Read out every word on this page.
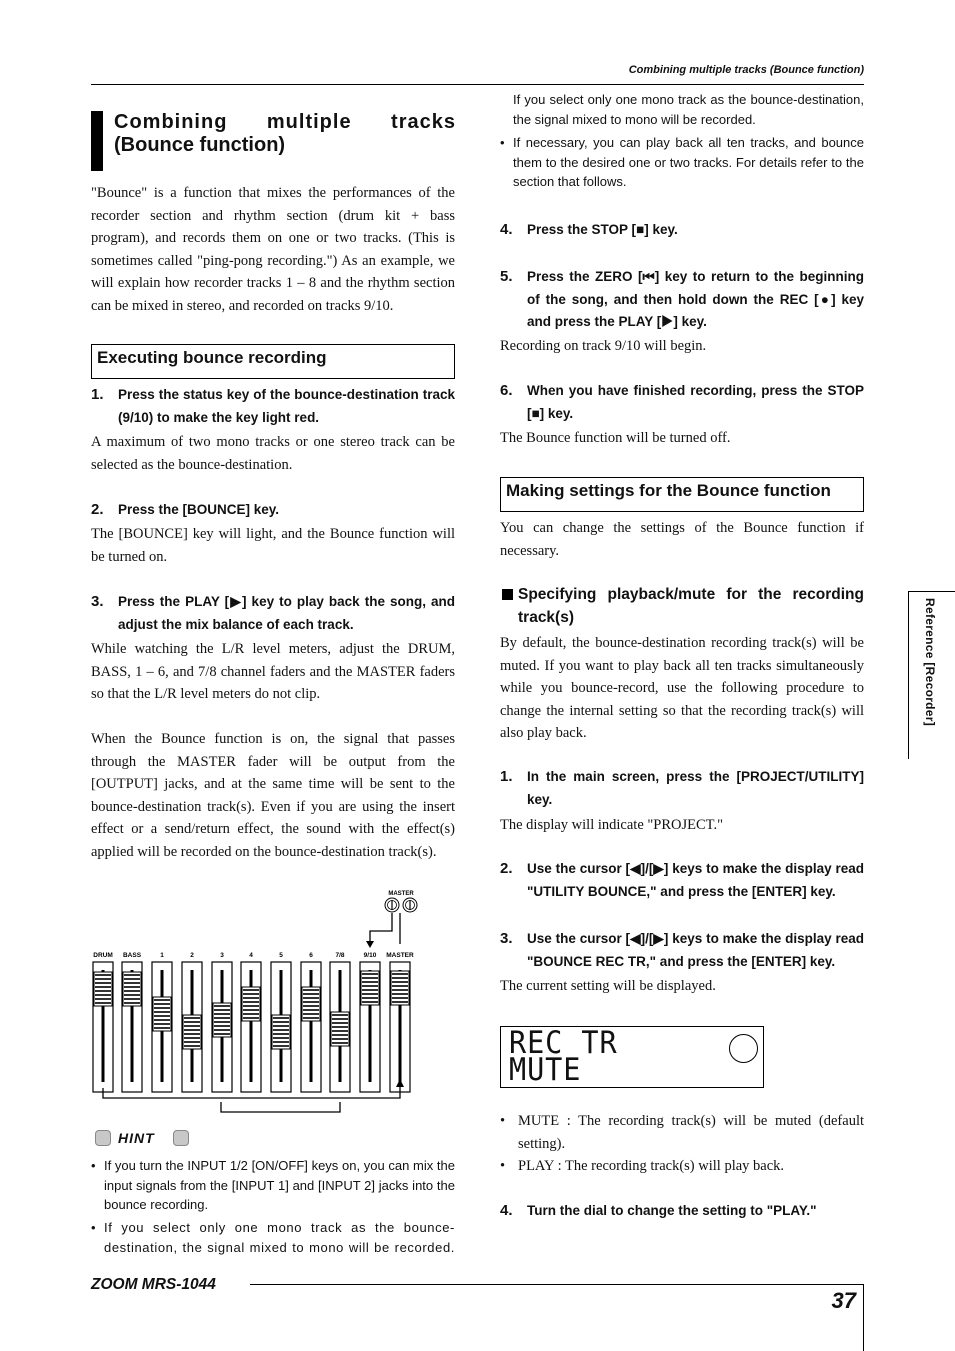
Combining multiple tracks (Bounce function)
Combining multiple tracks
(Bounce function)
"Bounce" is a function that mixes the performances of the recorder section and rhythm section (drum kit + bass program), and records them on one or two tracks. (This is sometimes called "ping-pong recording.") As an example, we will explain how recorder tracks 1 – 8 and the rhythm section can be mixed in stereo, and recorded on tracks 9/10.
Executing bounce recording
1. Press the status key of the bounce-destination track (9/10) to make the key light red.
A maximum of two mono tracks or one stereo track can be selected as the bounce-destination.
2. Press the [BOUNCE] key.
The [BOUNCE] key will light, and the Bounce function will be turned on.
3. Press the PLAY [▶] key to play back the song, and adjust the mix balance of each track.
While watching the L/R level meters, adjust the DRUM, BASS, 1 – 6, and 7/8 channel faders and the MASTER faders so that the L/R level meters do not clip.
When the Bounce function is on, the signal that passes through the MASTER fader will be output from the [OUTPUT] jacks, and at the same time will be sent to the bounce-destination track(s). Even if you are using the insert effect or a send/return effect, the sound with the effect(s) applied will be recorded on the bounce-destination track(s).
MASTER
DRUM BASS	1	2	3	4	5	6	7/8	9/10 MASTER
HINT
• If you turn the INPUT 1/2 [ON/OFF] keys on, you can mix the input signals from the [INPUT 1] and [INPUT 2] jacks into the bounce recording.
• If you select only one mono track as the bounce-destination, the signal mixed to mono will be recorded.
If you select only one mono track as the bounce-destination, the signal mixed to mono will be recorded.
• If necessary, you can play back all ten tracks, and bounce them to the desired one or two tracks. For details refer to the section that follows.
4. Press the STOP [■] key.
5. Press the ZERO [⏮] key to return to the beginning of the song, and then hold down the REC [●] key and press the PLAY [▶] key.
Recording on track 9/10 will begin.
6. When you have finished recording, press the STOP [■] key.
The Bounce function will be turned off.
Making settings for the Bounce function
You can change the settings of the Bounce function if necessary.
Specifying playback/mute for the recording track(s)
By default, the bounce-destination recording track(s) will be muted. If you want to play back all ten tracks simultaneously while you bounce-record, use the following procedure to change the internal setting so that the recording track(s) will also play back.
1. In the main screen, press the [PROJECT/UTILITY] key.
The display will indicate "PROJECT."
2. Use the cursor [◀]/[▶] keys to make the display read "UTILITY BOUNCE," and press the [ENTER] key.
3. Use the cursor [◀]/[▶] keys to make the display read "BOUNCE REC TR," and press the [ENTER] key.
The current setting will be displayed.
REC TR
MUTE
• MUTE : The recording track(s) will be muted (default setting).
• PLAY : The recording track(s) will play back.
4. Turn the dial to change the setting to "PLAY."
Reference [Recorder]
ZOOM MRS-1044
37
